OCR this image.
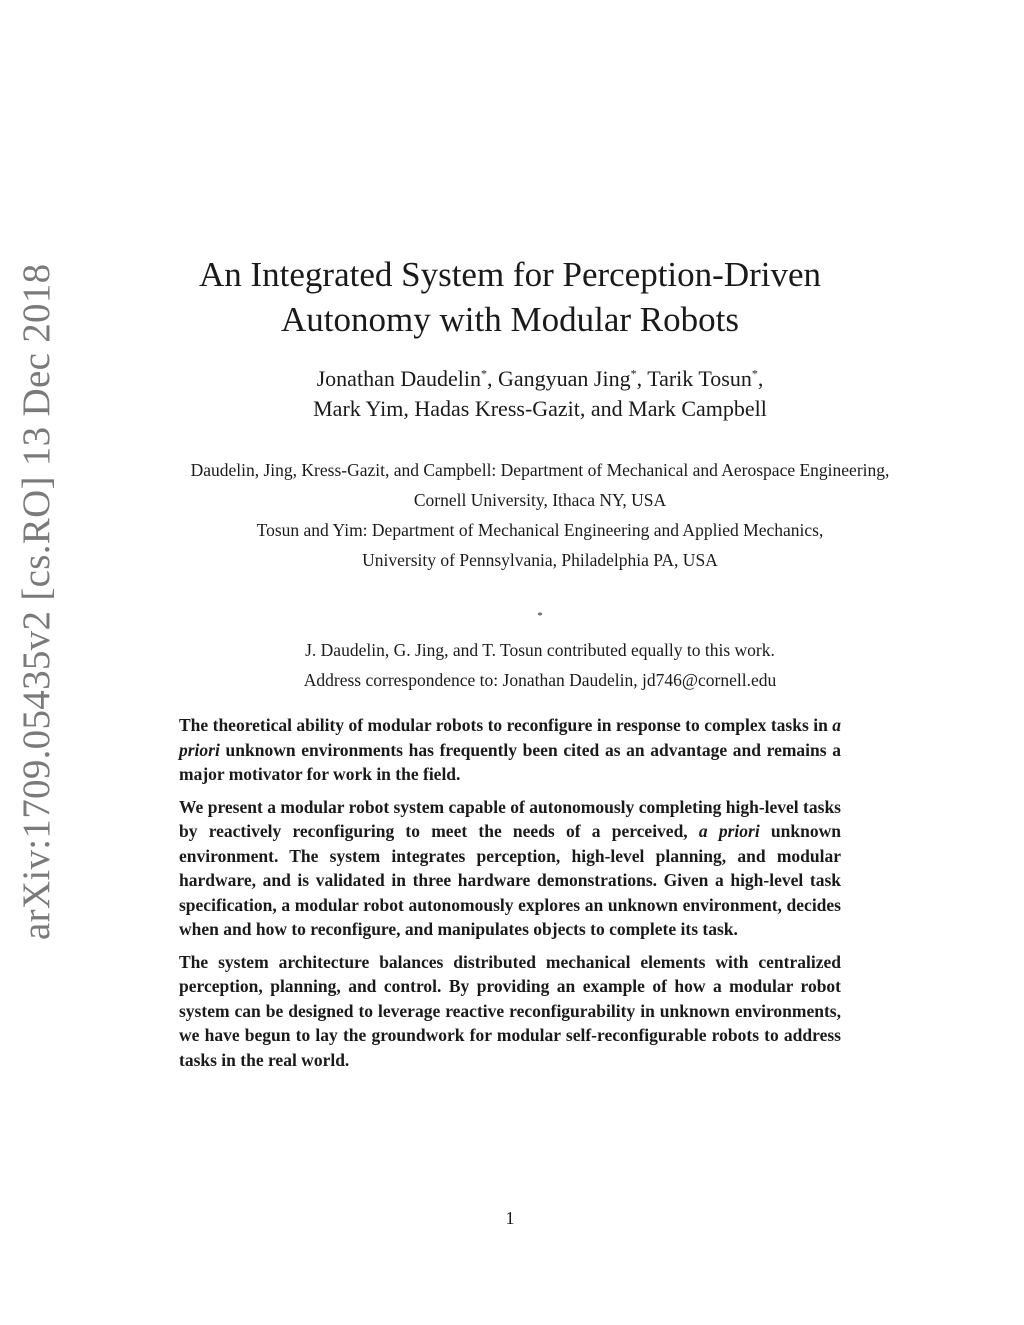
arXiv:1709.05435v2 [cs.RO] 13 Dec 2018	An Integrated System for Perception-Driven
Autonomy with Modular Robots
Jonathan Daudelin*, Gangyuan Jing*, Tarik Tosun*,
Mark Yim, Hadas Kress-Gazit, and Mark Campbell
Daudelin, Jing, Kress-Gazit, and Campbell: Department of Mechanical and Aerospace Engineering,
Cornell University, Ithaca NY, USA
Tosun and Yim: Department of Mechanical Engineering and Applied Mechanics,
University of Pennsylvania, Philadelphia PA, USA
*
J. Daudelin, G. Jing, and T. Tosun contributed equally to this work.
Address correspondence to: Jonathan Daudelin, jd746@cornell.edu

The theoretical ability of modular robots to reconfigure in response to complex tasks in a priori unknown environments has frequently been cited as an advantage and remains a major motivator for work in the field.

We present a modular robot system capable of autonomously completing high-level tasks by reactively reconfiguring to meet the needs of a perceived, a priori unknown environment. The system integrates perception, high-level planning, and modular hardware, and is validated in three hardware demonstrations. Given a high-level task specification, a modular robot autonomously explores an unknown environment, decides when and how to reconfigure, and manipulates objects to complete its task.

The system architecture balances distributed mechanical elements with centralized perception, planning, and control. By providing an example of how a modular robot system can be designed to leverage reactive reconfigurability in unknown environments, we have begun to lay the groundwork for modular self-reconfigurable robots to address tasks in the real world.

1
